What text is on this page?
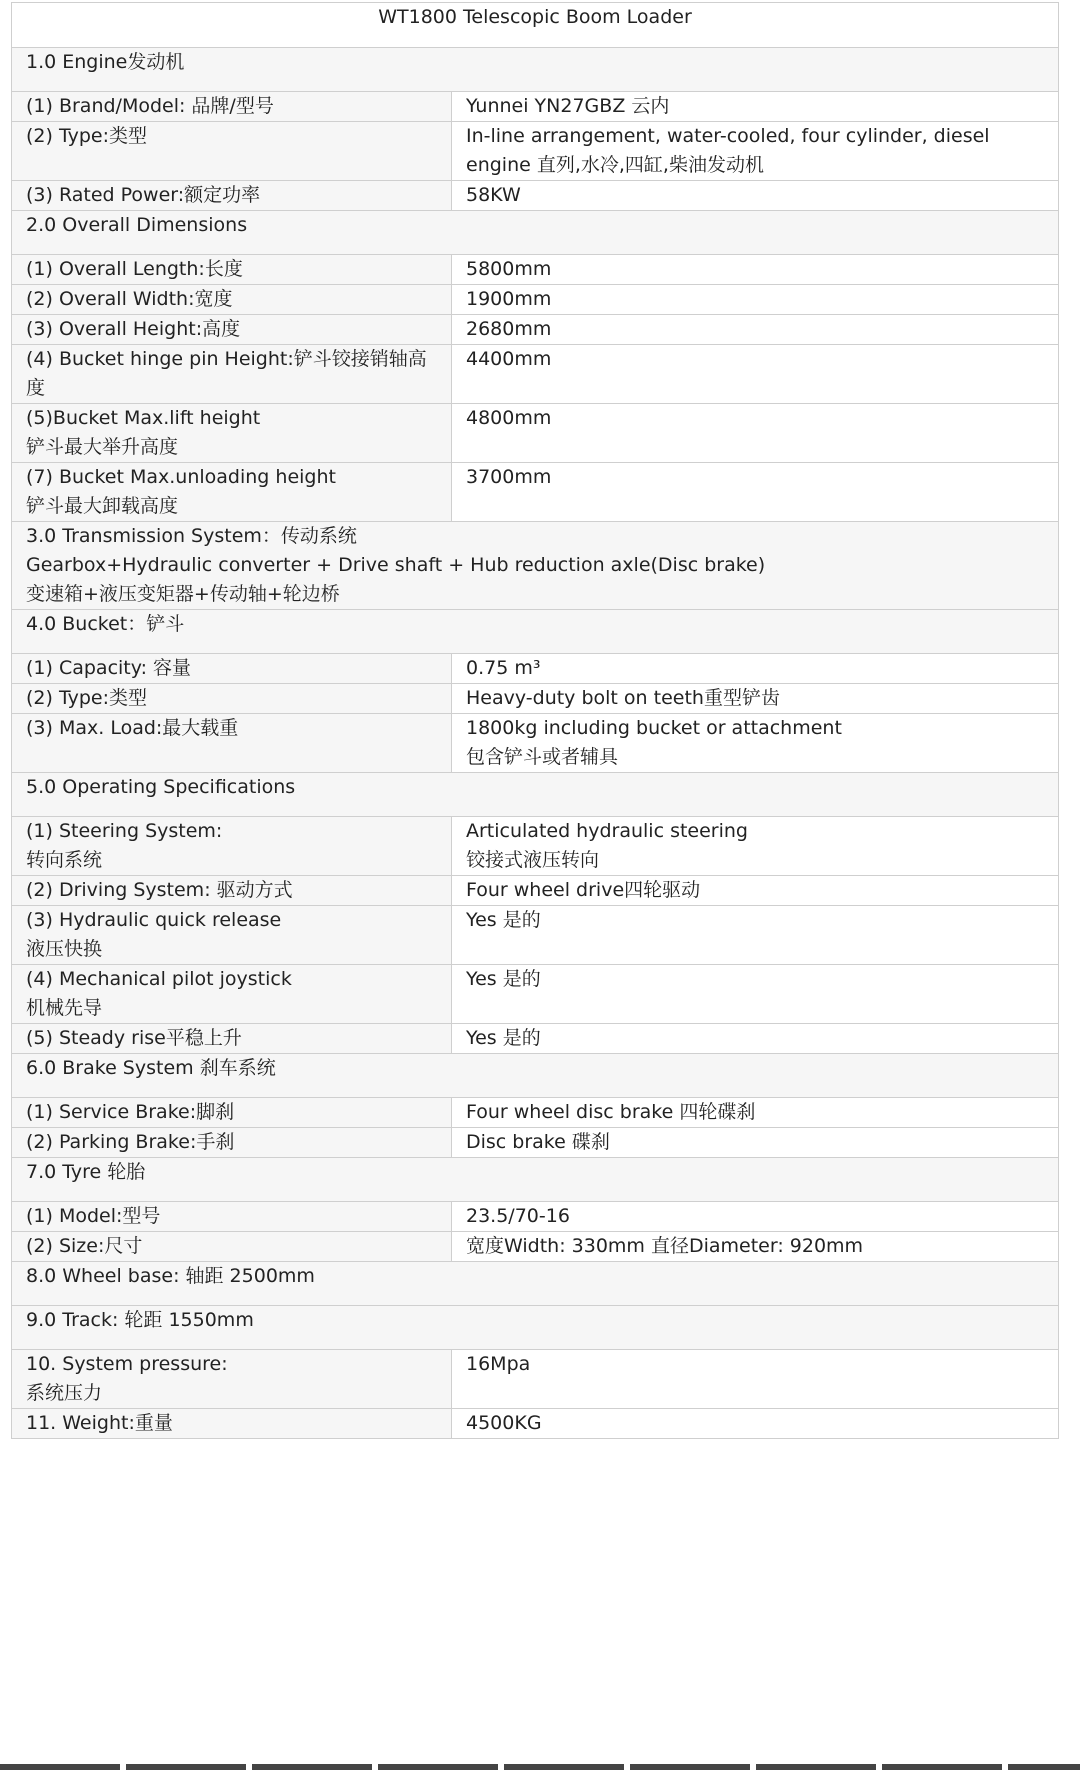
WT1800 Telescopic Boom Loader	

1.0 Engine发动机	

(1) Brand/Model: 品牌/型号	Yunnei YN27GBZ 云内

(2) Type:类型	In-line arrangement, water-cooled, four cylinder, diesel
engine 直列,水冷,四缸,柴油发动机

(3) Rated Power:额定功率	58KW

2.0 Overall Dimensions	

(1) Overall Length:长度	5800mm

(2) Overall Width:宽度	1900mm

(3) Overall Height:高度	2680mm

(4) Bucket hinge pin Height:铲斗铰接销轴高度	4400mm

(5)Bucket Max.lift height
铲斗最大举升高度	4800mm

(7) Bucket Max.unloading height
铲斗最大卸载高度	3700mm

3.0 Transmission System：传动系统
Gearbox+Hydraulic converter + Drive shaft + Hub reduction axle(Disc brake)
变速箱+液压变矩器+传动轴+轮边桥	

4.0 Bucket：铲斗	

(1) Capacity: 容量	0.75 m³

(2) Type:类型	Heavy-duty bolt on teeth重型铲齿

(3) Max. Load:最大载重	1800kg including bucket or attachment
包含铲斗或者辅具

5.0 Operating Specifications	

(1) Steering System:
转向系统	Articulated hydraulic steering
铰接式液压转向

(2) Driving System: 驱动方式	Four wheel drive四轮驱动

(3) Hydraulic quick release
液压快换	Yes 是的

(4) Mechanical pilot joystick
机械先导	Yes 是的

(5) Steady rise平稳上升	Yes 是的

6.0 Brake System 刹车系统	

(1) Service Brake:脚刹	Four wheel disc brake 四轮碟刹

(2) Parking Brake:手刹	Disc brake 碟刹

7.0 Tyre 轮胎	

(1) Model:型号	23.5/70-16

(2) Size:尺寸	宽度Width: 330mm 直径Diameter: 920mm

8.0 Wheel base: 轴距 2500mm	

9.0 Track: 轮距 1550mm	

10. System pressure:
系统压力	16Mpa

11. Weight:重量	4500KG
